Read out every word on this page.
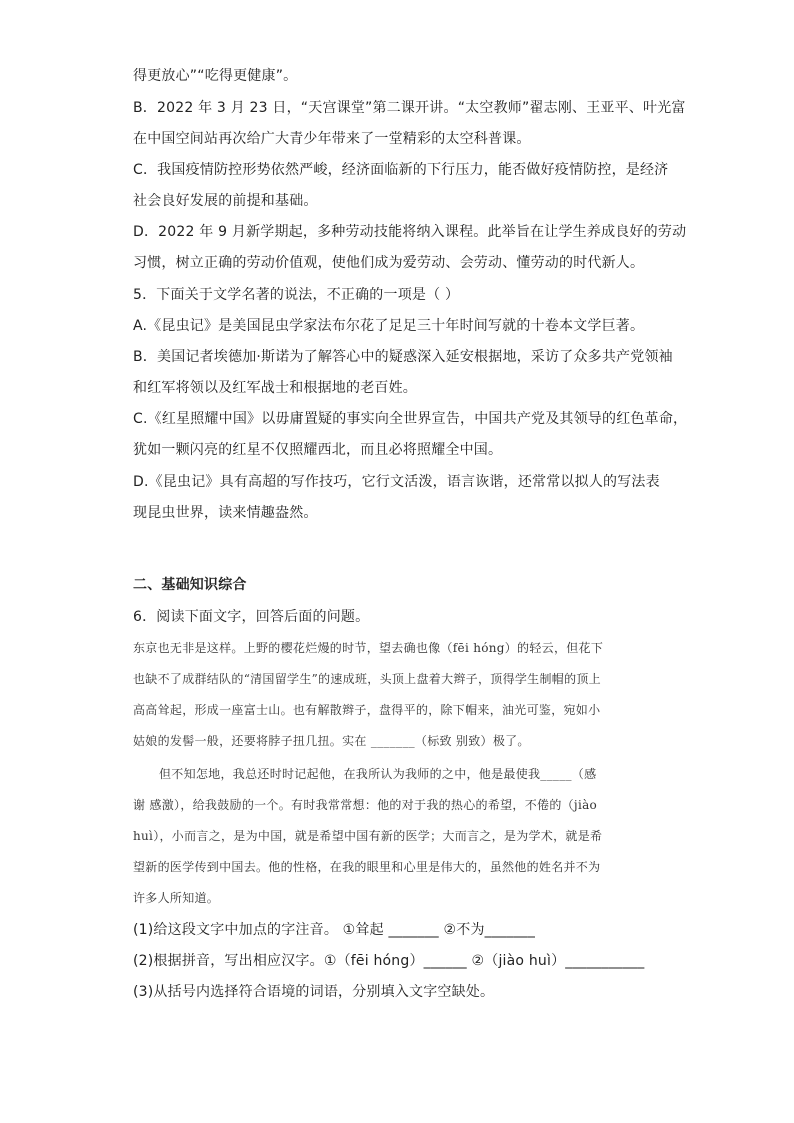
得更放心”“吃得更健康”。
B．2022 年 3 月 23 日，“天宫课堂”第二课开讲。“太空教师”翟志刚、王亚平、叶光富
在中国空间站再次给广大青少年带来了一堂精彩的太空科普课。
C．我国疫情防控形势依然严峻，经济面临新的下行压力，能否做好疫情防控，是经济
社会良好发展的前提和基础。
D．2022 年 9 月新学期起，多种劳动技能将纳入课程。此举旨在让学生养成良好的劳动
习惯，树立正确的劳动价值观，使他们成为爱劳动、会劳动、懂劳动的时代新人。
5．下面关于文学名著的说法，不正确的一项是（ ）
A.《昆虫记》是美国昆虫学家法布尔花了足足三十年时间写就的十卷本文学巨著。
B．美国记者埃德加·斯诺为了解答心中的疑惑深入延安根据地，采访了众多共产党领袖
和红军将领以及红军战士和根据地的老百姓。
C.《红星照耀中国》以毋庸置疑的事实向全世界宣告，中国共产党及其领导的红色革命，
犹如一颗闪亮的红星不仅照耀西北，而且必将照耀全中国。
D.《昆虫记》具有高超的写作技巧，它行文活泼，语言诙谐，还常常以拟人的写法表
现昆虫世界，读来情趣盎然。
二、基础知识综合
6．阅读下面文字，回答后面的问题。
东京也无非是这样。上野的樱花烂熳的时节，望去确也像（fēi hóng）的轻云，但花下
也缺不了成群结队的“清国留学生”的速成班，头顶上盘着大辫子，顶得学生制帽的顶上
高高耸起，形成一座富士山。也有解散辫子，盘得平的，除下帽来，油光可鉴，宛如小
姑娘的发髻一般，还要将脖子扭几扭。实在 _______（标致 别致）极了。
但不知怎地，我总还时时记起他，在我所认为我师的之中，他是最使我_____（感
谢 感激），给我鼓励的一个。有时我常常想：他的对于我的热心的希望，不倦的（jiào
huì），小而言之，是为中国，就是希望中国有新的医学；大而言之，是为学术，就是希
望新的医学传到中国去。他的性格，在我的眼里和心里是伟大的，虽然他的姓名并不为
许多人所知道。
(1)给这段文字中加点的字注音。 ①耸起 _______ ②不为_______
(2)根据拼音，写出相应汉字。①（fēi hóng）______ ②（jiào huì）___________
(3)从括号内选择符合语境的词语，分别填入文字空缺处。
